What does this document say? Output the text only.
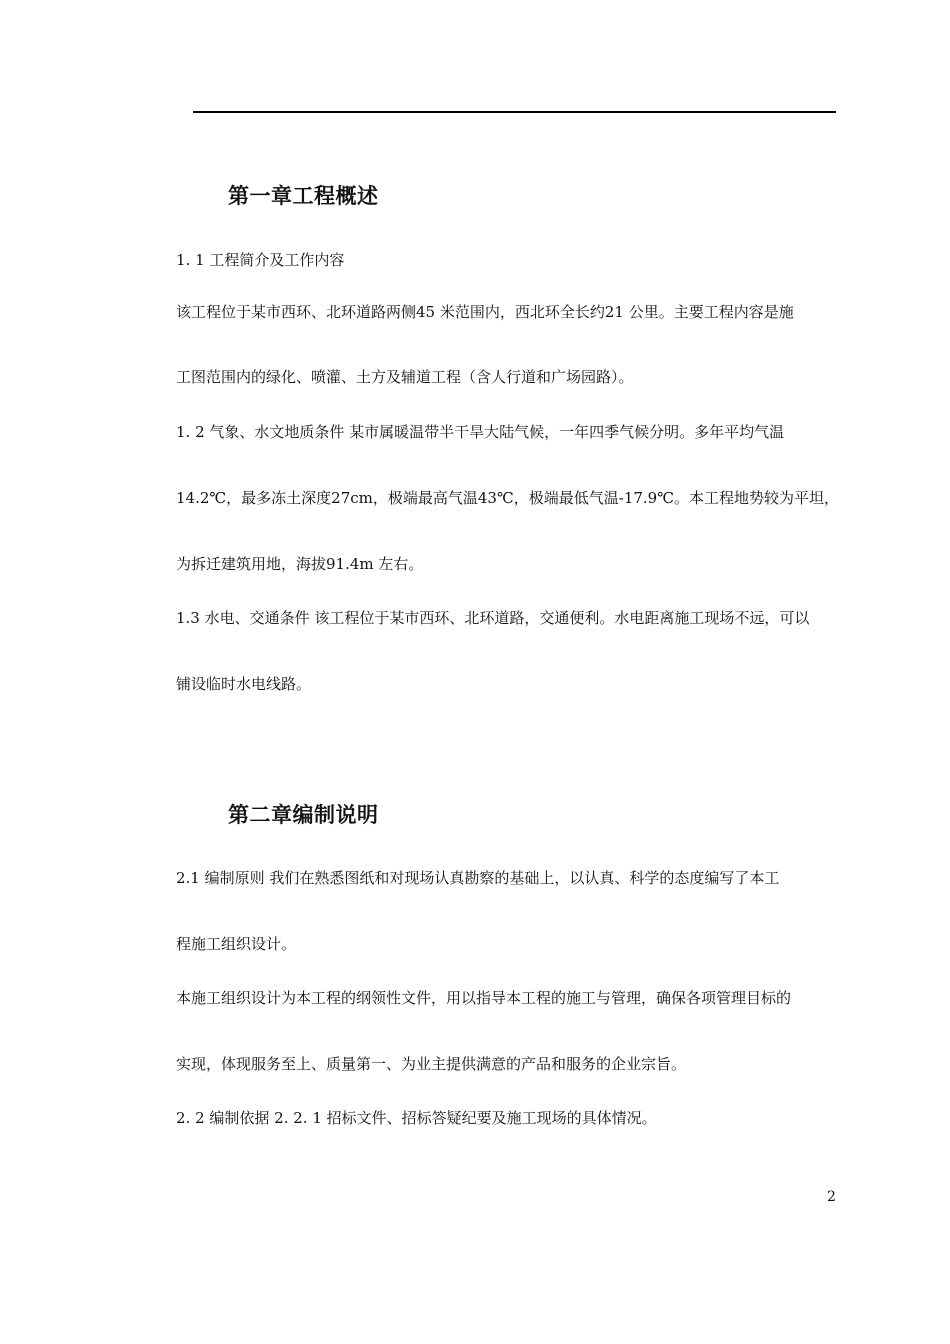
第一章工程概述
1. 1 工程简介及工作内容
该工程位于某市西环、北环道路两侧45 米范围内，西北环全长约21 公里。主要工程内容是施
工图范围内的绿化、喷灌、土方及辅道工程（含人行道和广场园路）。
1. 2 气象、水文地质条件 某市属暖温带半干旱大陆气候，一年四季气候分明。多年平均气温
14.2℃，最多冻土深度27cm，极端最高气温43℃，极端最低气温-17.9℃。本工程地势较为平坦，
为拆迁建筑用地，海拔91.4m 左右。
1.3 水电、交通条件 该工程位于某市西环、北环道路，交通便利。水电距离施工现场不远，可以
铺设临时水电线路。
第二章编制说明
2.1 编制原则 我们在熟悉图纸和对现场认真勘察的基础上，以认真、科学的态度编写了本工
程施工组织设计。
本施工组织设计为本工程的纲领性文件，用以指导本工程的施工与管理，确保各项管理目标的
实现，体现服务至上、质量第一、为业主提供满意的产品和服务的企业宗旨。
2. 2 编制依据 2. 2. 1 招标文件、招标答疑纪要及施工现场的具体情况。
2
